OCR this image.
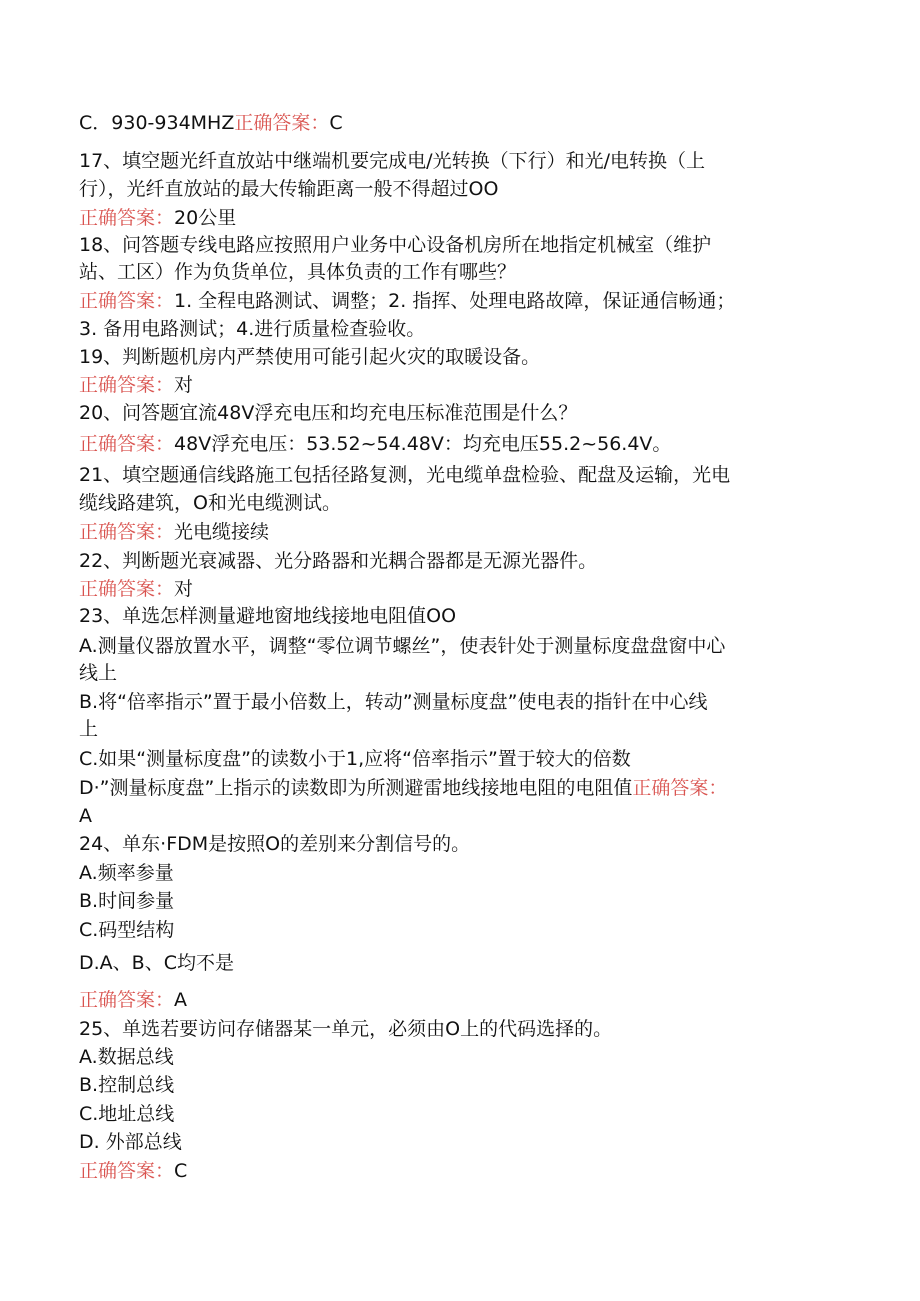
C．930-934MHZ正确答案：C
17、填空题光纤直放站中继端机要完成电/光转换（下行）和光/电转换（上
行），光纤直放站的最大传输距离一般不得超过OO
正确答案：20公里
18、问答题专线电路应按照用户业务中心设备机房所在地指定机械室（维护
站、工区）作为负货单位，具体负责的工作有哪些？
正确答案：1. 全程电路测试、调整；2. 指挥、处理电路故障，保证通信畅通；
3. 备用电路测试；4.进行质量检查验收。
19、判断题机房内严禁使用可能引起火灾的取暖设备。
正确答案：对
20、问答题宜流48V浮充电压和均充电压标准范围是什么？
正确答案：48V浮充电压：53.52~54.48V：均充电压55.2~56.4V。
21、填空题通信线路施工包括径路复测，光电缆单盘检验、配盘及运输，光电
缆线路建筑，O和光电缆测试。
正确答案：光电缆接续
22、判断题光衰减器、光分路器和光耦合器都是无源光器件。
正确答案：对
23、单选怎样测量避地窗地线接地电阻值OO
A.测量仪器放置水平，调整“零位调节螺丝”，使表针处于测量标度盘盘窗中心
线上
B.将“倍率指示”置于最小倍数上，转动”测量标度盘”使电表的指针在中心线
上
C.如果“测量标度盘”的读数小于1,应将“倍率指示”置于较大的倍数
D·”测量标度盘”上指示的读数即为所测避雷地线接地电阻的电阻值正确答案：
A
24、单东·FDM是按照O的差别来分割信号的。
A.频率参量
B.时间参量
C.码型结构
D.A、B、C均不是
正确答案：A
25、单选若要访问存储器某一单元，必须由O上的代码选择的。
A.数据总线
B.控制总线
C.地址总线
D. 外部总线
正确答案：C
